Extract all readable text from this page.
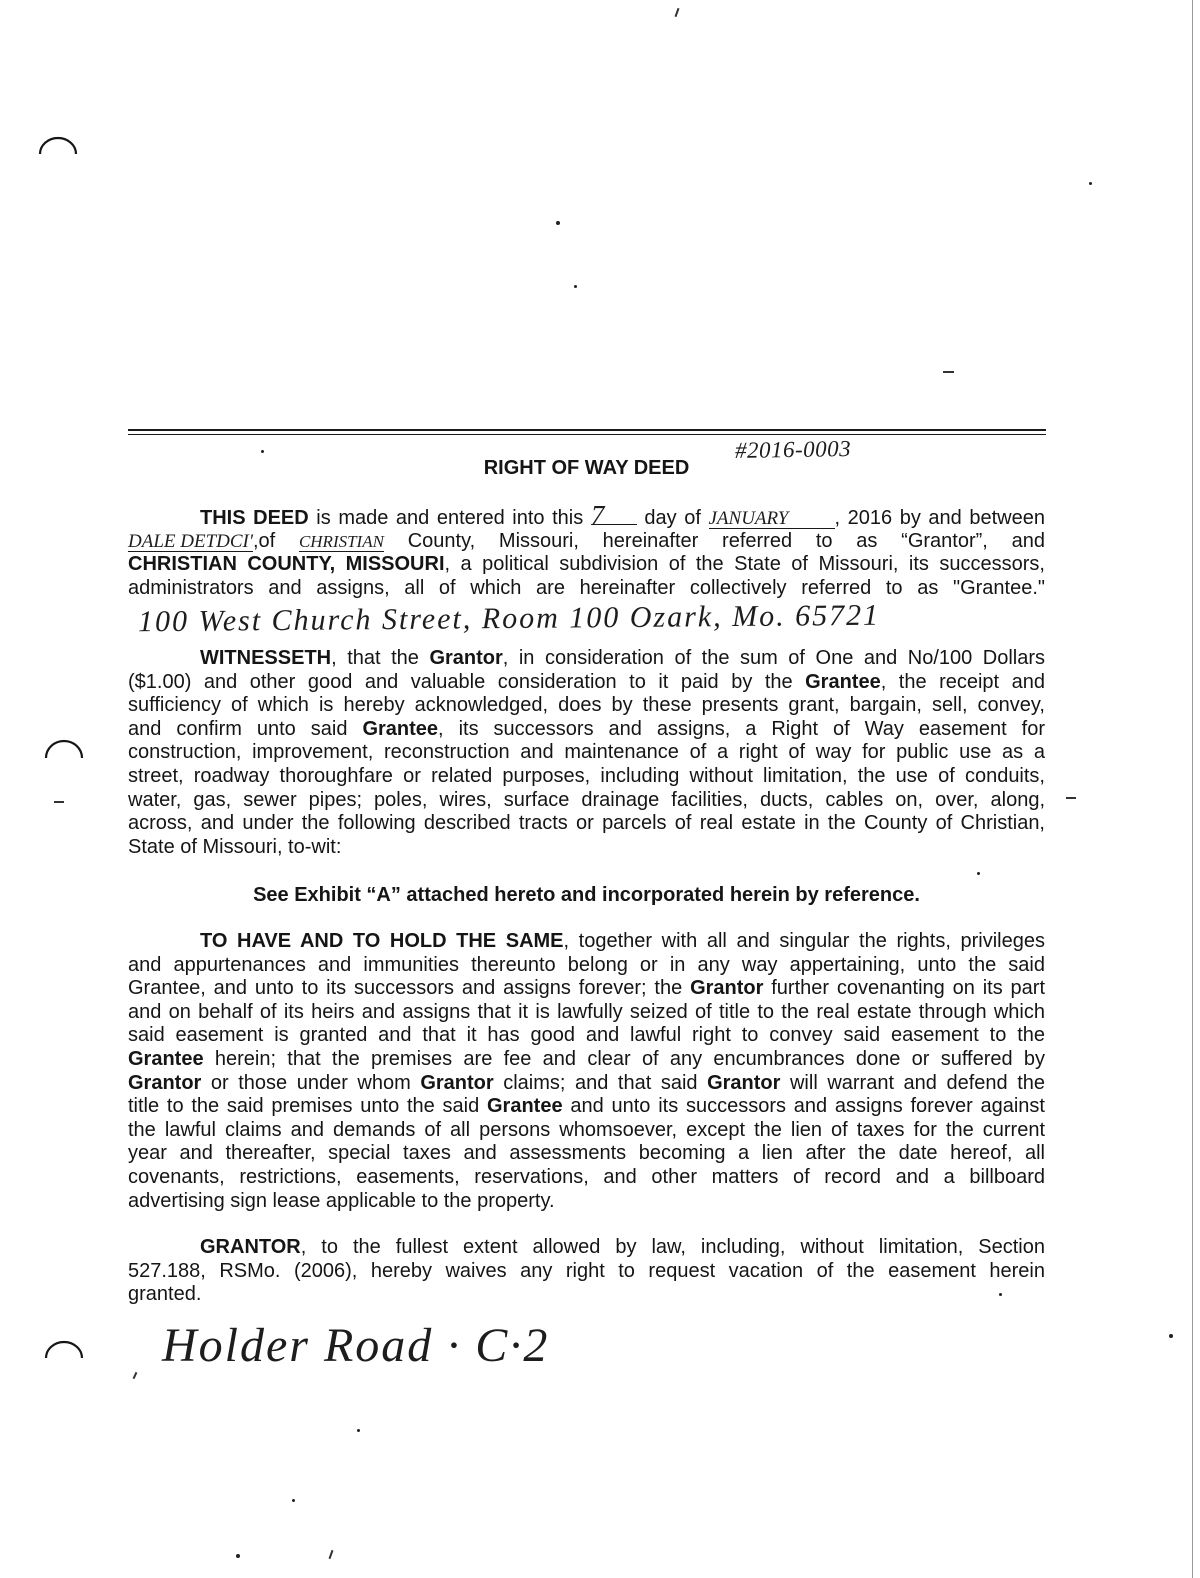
#2016-0003
RIGHT OF WAY DEED
THIS DEED is made and entered into this 7 day of JANUARY , 2016 by and between
DALE DETDCI',of CHRISTIAN County, Missouri, hereinafter referred to as “Grantor”, and
CHRISTIAN COUNTY, MISSOURI, a political subdivision of the State of Missouri, its successors,
administrators and assigns, all of which are hereinafter collectively referred to as "Grantee."
100 West Church Street, Room 100 Ozark, Mo. 65721
WITNESSETH, that the Grantor, in consideration of the sum of One and No/100 Dollars
($1.00) and other good and valuable consideration to it paid by the Grantee, the receipt and
sufficiency of which is hereby acknowledged, does by these presents grant, bargain, sell, convey,
and confirm unto said Grantee, its successors and assigns, a Right of Way easement for
construction, improvement, reconstruction and maintenance of a right of way for public use as a
street, roadway thoroughfare or related purposes, including without limitation, the use of conduits,
water, gas, sewer pipes; poles, wires, surface drainage facilities, ducts, cables on, over, along,
across, and under the following described tracts or parcels of real estate in the County of Christian,
State of Missouri, to-wit:
See Exhibit “A” attached hereto and incorporated herein by reference.
TO HAVE AND TO HOLD THE SAME, together with all and singular the rights, privileges
and appurtenances and immunities thereunto belong or in any way appertaining, unto the said
Grantee, and unto to its successors and assigns forever; the Grantor further covenanting on its part
and on behalf of its heirs and assigns that it is lawfully seized of title to the real estate through which
said easement is granted and that it has good and lawful right to convey said easement to the
Grantee herein; that the premises are fee and clear of any encumbrances done or suffered by
Grantor or those under whom Grantor claims; and that said Grantor will warrant and defend the
title to the said premises unto the said Grantee and unto its successors and assigns forever against
the lawful claims and demands of all persons whomsoever, except the lien of taxes for the current
year and thereafter, special taxes and assessments becoming a lien after the date hereof, all
covenants, restrictions, easements, reservations, and other matters of record and a billboard
advertising sign lease applicable to the property.
GRANTOR, to the fullest extent allowed by law, including, without limitation, Section
527.188, RSMo. (2006), hereby waives any right to request vacation of the easement herein
granted.
Holder Road · C·2
